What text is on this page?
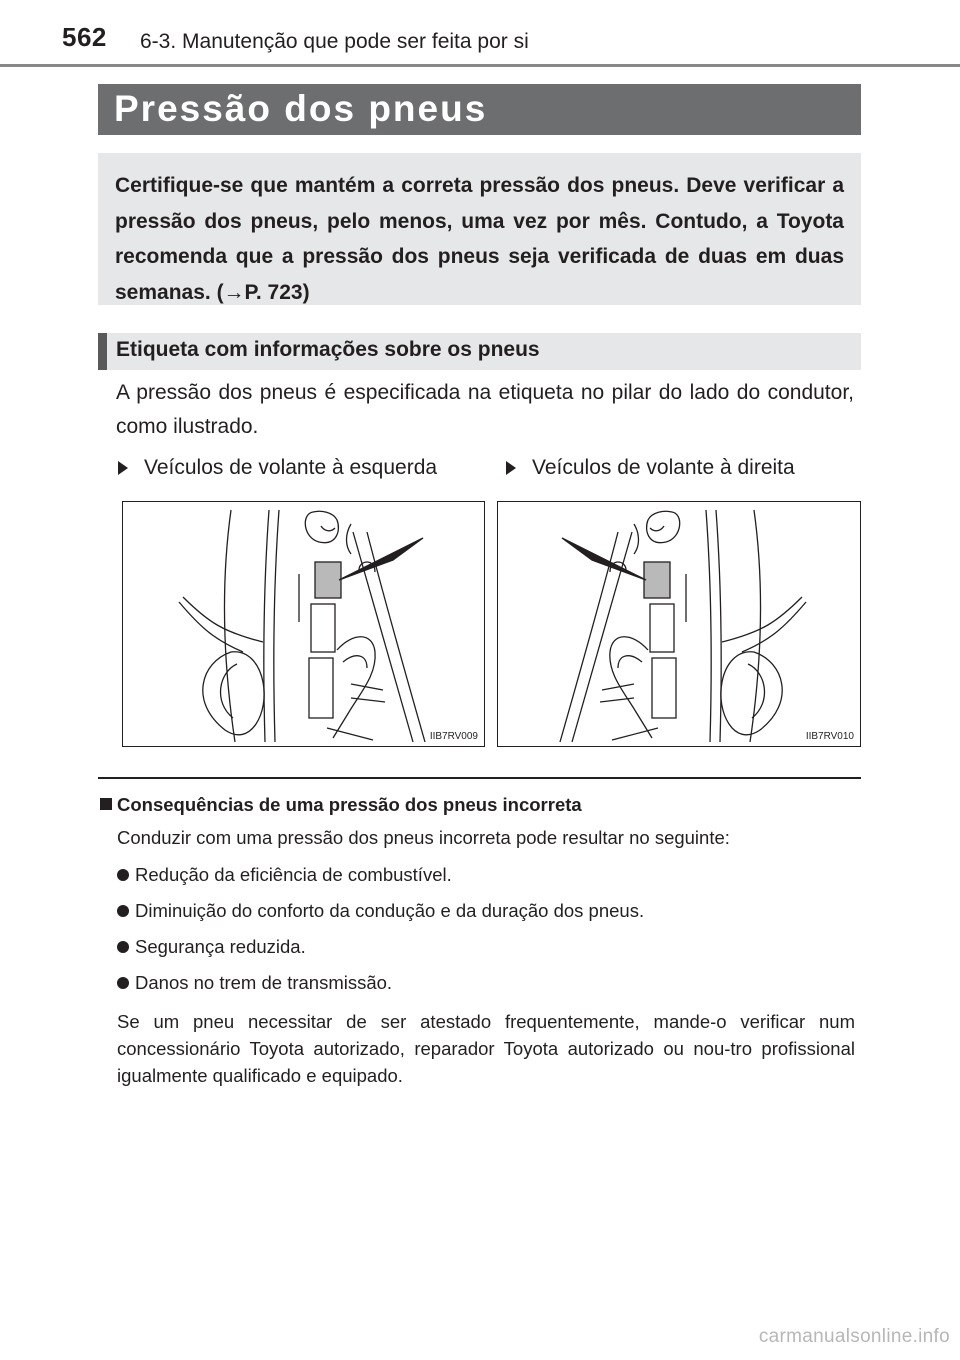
562 6-3. Manutenção que pode ser feita por si
Pressão dos pneus
Certifique-se que mantém a correta pressão dos pneus. Deve verificar a pressão dos pneus, pelo menos, uma vez por mês. Contudo, a Toyota recomenda que a pressão dos pneus seja verificada de duas em duas semanas. (→P. 723)
Etiqueta com informações sobre os pneus
A pressão dos pneus é especificada na etiqueta no pilar do lado do condutor, como ilustrado.
Veículos de volante à esquerda	Veículos de volante à direita
IIB7RV009	IIB7RV010
Consequências de uma pressão dos pneus incorreta
Conduzir com uma pressão dos pneus incorreta pode resultar no seguinte:
Redução da eficiência de combustível.
Diminuição do conforto da condução e da duração dos pneus.
Segurança reduzida.
Danos no trem de transmissão.
Se um pneu necessitar de ser atestado frequentemente, mande-o verificar num concessionário Toyota autorizado, reparador Toyota autorizado ou nou-tro profissional igualmente qualificado e equipado.
carmanualsonline.info
